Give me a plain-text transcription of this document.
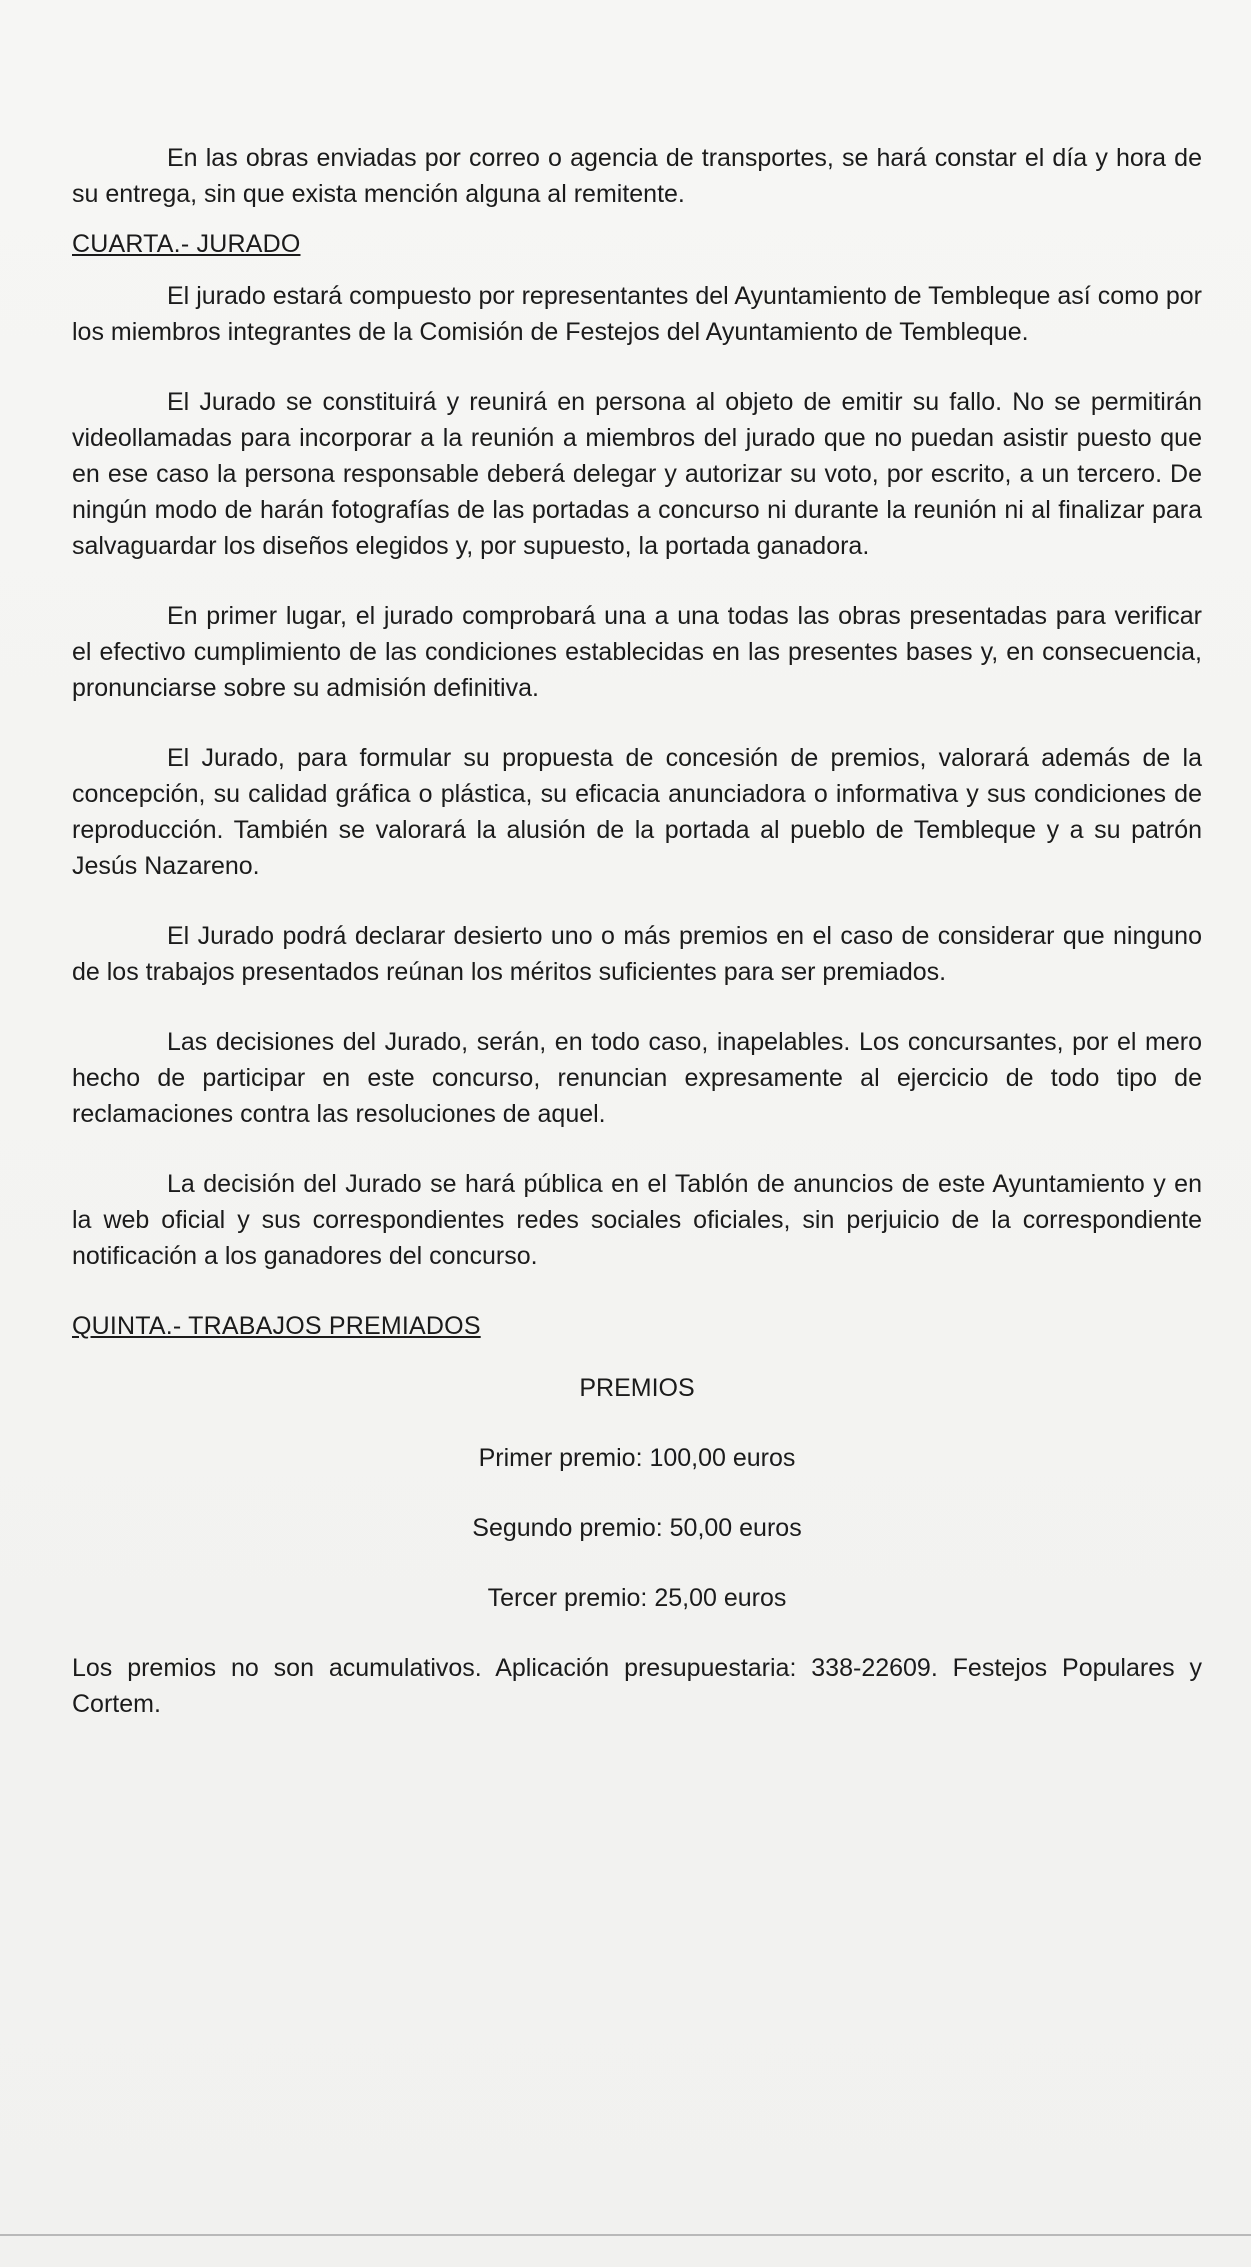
En las obras enviadas por correo o agencia de transportes, se hará constar el día y hora de su entrega, sin que exista mención alguna al remitente.

CUARTA.- JURADO

El jurado estará compuesto por representantes del Ayuntamiento de Tembleque así como por los miembros integrantes de la Comisión de Festejos del Ayuntamiento de Tembleque.

El Jurado se constituirá y reunirá en persona al objeto de emitir su fallo. No se permitirán videollamadas para incorporar a la reunión a miembros del jurado que no puedan asistir puesto que en ese caso la persona responsable deberá delegar y autorizar su voto, por escrito, a un tercero. De ningún modo de harán fotografías de las portadas a concurso ni durante la reunión ni al finalizar para salvaguardar los diseños elegidos y, por supuesto, la portada ganadora.

En primer lugar, el jurado comprobará una a una todas las obras presentadas para verificar el efectivo cumplimiento de las condiciones establecidas en las presentes bases y, en consecuencia, pronunciarse sobre su admisión definitiva.

El Jurado, para formular su propuesta de concesión de premios, valorará además de la concepción, su calidad gráfica o plástica, su eficacia anunciadora o informativa y sus condiciones de reproducción. También se valorará la alusión de la portada al pueblo de Tembleque y a su patrón Jesús Nazareno.

El Jurado podrá declarar desierto uno o más premios en el caso de considerar que ninguno de los trabajos presentados reúnan los méritos suficientes para ser premiados.

Las decisiones del Jurado, serán, en todo caso, inapelables. Los concursantes, por el mero hecho de participar en este concurso, renuncian expresamente al ejercicio de todo tipo de reclamaciones contra las resoluciones de aquel.

La decisión del Jurado se hará pública en el Tablón de anuncios de este Ayuntamiento y en la web oficial y sus correspondientes redes sociales oficiales, sin perjuicio de la correspondiente notificación a los ganadores del concurso.

QUINTA.- TRABAJOS PREMIADOS

PREMIOS

Primer premio: 100,00 euros

Segundo premio: 50,00 euros

Tercer premio: 25,00 euros

Los premios no son acumulativos. Aplicación presupuestaria: 338-22609. Festejos Populares y Cortem.
